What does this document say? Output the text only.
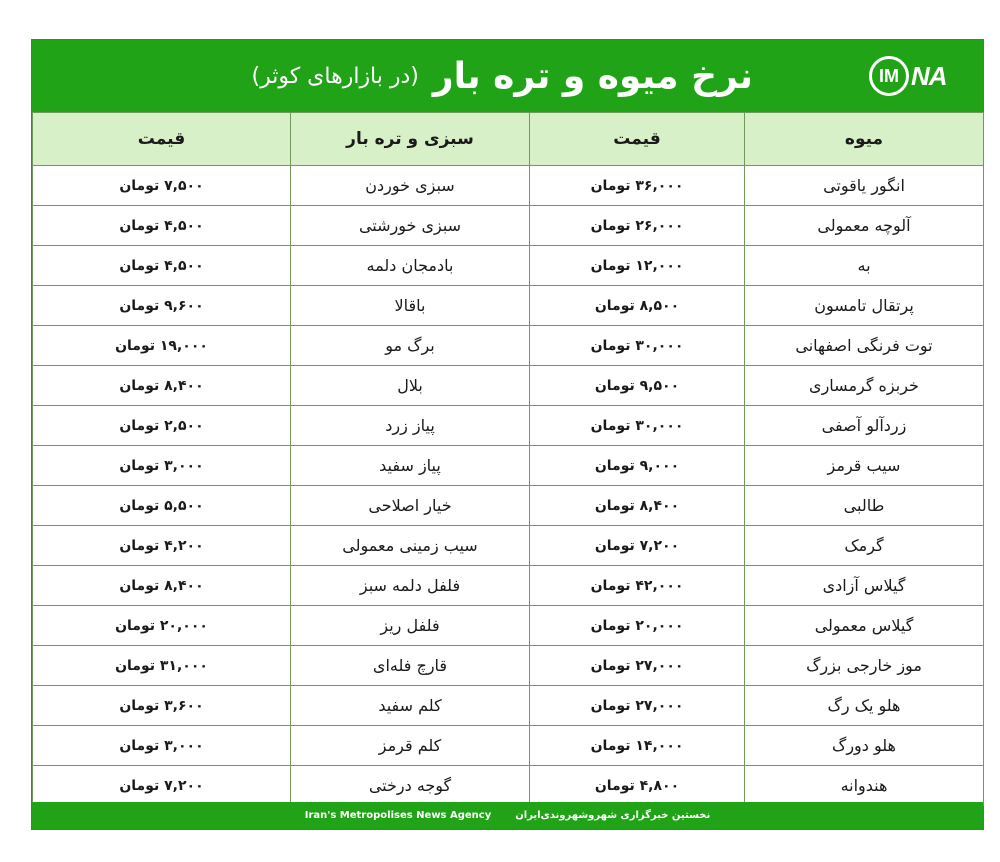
IM NA
نرخ میوه و تره بار
(در بازارهای کوثر)
میوه	قیمت	سبزی و تره بار	قیمت
انگور یاقوتی	۳۶,۰۰۰ تومان	سبزی خوردن	۷,۵۰۰ تومان
آلوچه معمولی	۲۶,۰۰۰ تومان	سبزی خورشتی	۴,۵۰۰ تومان
به	۱۲,۰۰۰ تومان	بادمجان دلمه	۴,۵۰۰ تومان
پرتقال تامسون	۸,۵۰۰ تومان	باقالا	۹,۶۰۰ تومان
توت فرنگی اصفهانی	۳۰,۰۰۰ تومان	برگ مو	۱۹,۰۰۰ تومان
خربزه گرمساری	۹,۵۰۰ تومان	بلال	۸,۴۰۰ تومان
زردآلو آصفی	۳۰,۰۰۰ تومان	پیاز زرد	۲,۵۰۰ تومان
سیب قرمز	۹,۰۰۰ تومان	پیاز سفید	۳,۰۰۰ تومان
طالبی	۸,۴۰۰ تومان	خیار اصلاحی	۵,۵۰۰ تومان
گرمک	۷,۲۰۰ تومان	سیب زمینی معمولی	۴,۲۰۰ تومان
گیلاس آزادی	۴۲,۰۰۰ تومان	فلفل دلمه سبز	۸,۴۰۰ تومان
گیلاس معمولی	۲۰,۰۰۰ تومان	فلفل ریز	۲۰,۰۰۰ تومان
موز خارجی بزرگ	۲۷,۰۰۰ تومان	قارچ فله‌ای	۳۱,۰۰۰ تومان
هلو یک رگ	۲۷,۰۰۰ تومان	کلم سفید	۳,۶۰۰ تومان
هلو دورگ	۱۴,۰۰۰ تومان	کلم قرمز	۳,۰۰۰ تومان
هندوانه	۴,۸۰۰ تومان	گوجه درختی	۷,۲۰۰ تومان
Iran's Metropolises News Agency نخستین خبرگزاری شهروشهروندی‌ایران
